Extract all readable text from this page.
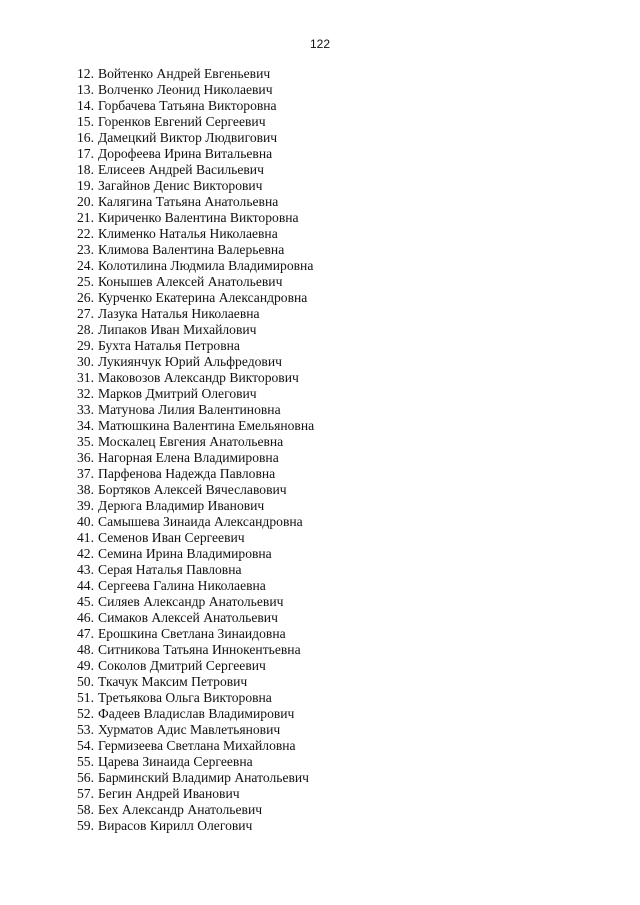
122
12. Войтенко Андрей Евгеньевич
13. Волченко Леонид Николаевич
14. Горбачева Татьяна Викторовна
15. Горенков Евгений Сергеевич
16. Дамецкий Виктор Людвигович
17. Дорофеева Ирина Витальевна
18. Елисеев Андрей Васильевич
19. Загайнов Денис Викторович
20. Калягина Татьяна Анатольевна
21. Кириченко Валентина Викторовна
22. Клименко Наталья Николаевна
23. Климова Валентина Валерьевна
24. Колотилина Людмила Владимировна
25. Конышев Алексей Анатольевич
26. Курченко Екатерина Александровна
27. Лазука Наталья Николаевна
28. Липаков Иван Михайлович
29. Бухта Наталья Петровна
30. Лукиянчук Юрий Альфредович
31. Маковозов Александр Викторович
32. Марков Дмитрий Олегович
33. Матунова Лилия Валентиновна
34. Матюшкина Валентина Емельяновна
35. Москалец Евгения Анатольевна
36. Нагорная Елена Владимировна
37. Парфенова Надежда Павловна
38. Бортяков Алексей Вячеславович
39. Дерюга Владимир Иванович
40. Самышева Зинаида Александровна
41. Семенов Иван Сергеевич
42. Семина Ирина Владимировна
43. Серая Наталья Павловна
44. Сергеева Галина Николаевна
45. Силяев Александр Анатольевич
46. Симаков Алексей Анатольевич
47. Ерошкина Светлана Зинаидовна
48. Ситникова Татьяна Иннокентьевна
49. Соколов Дмитрий Сергеевич
50. Ткачук Максим Петрович
51. Третьякова Ольга Викторовна
52. Фадеев Владислав Владимирович
53. Хурматов Адис Мавлетьянович
54. Гермизеева Светлана Михайловна
55. Царева Зинаида Сергеевна
56. Барминский Владимир Анатольевич
57. Бегин Андрей Иванович
58. Бех Александр Анатольевич
59. Вирасов Кирилл Олегович
